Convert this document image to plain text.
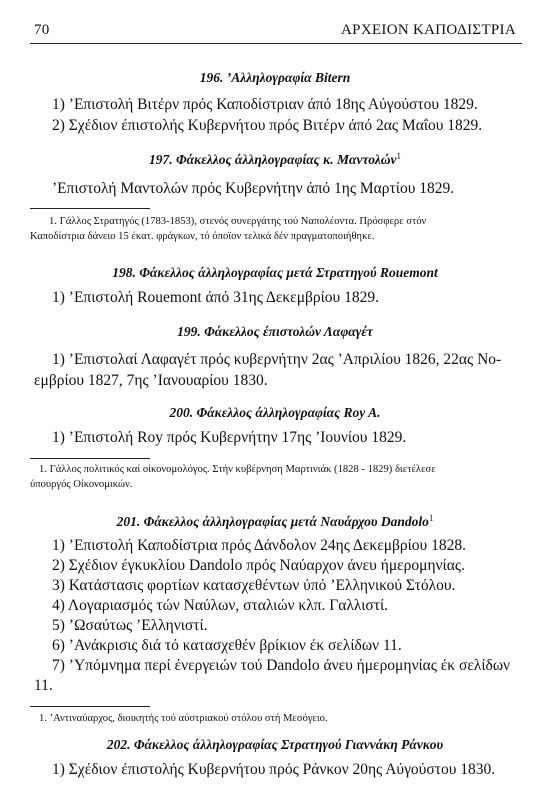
70	ΑΡΧΕΙΟΝ ΚΑΠΟΔΙΣΤΡΙΑ
196. ’Αλληλογραφία Bitern
1) ’Επιστολή Βιτέρν πρός Καποδίστριαν άπό 18ης Αύγούστου 1829.
2) Σχέδιον έπιστολής Κυβερνήτου πρός Βιτέρν άπό 2ας Μαΐου 1829.
197. Φάκελλος άλληλογραφίας κ. Μαντολών$^1$
’Επιστολή Μαντολών πρός Κυβερνήτην άπό 1ης Μαρτίου 1829.
1. Γάλλος Στρατηγός (1783-1853), στενός συνεργάτης τού Ναπολέοντα. Πρόσφερε στόν
Καποδίστρια δάνειο 15 έκατ. φράγκων, τό όποϊον τελικά δέν πραγματοποιήθηκε.
198. Φάκελλος άλληλογραφίας μετά Στρατηγού Rouemont
1) ’Επιστολή Rouemont άπό 31ης Δεκεμβρίου 1829.
199. Φάκελλος έπιστολών Λαφαγέτ
1) ’Επιστολαί Λαφαγέτ πρός κυβερνήτην 2ας ’Απριλίου 1826, 22ας Νο-
εμβρίου 1827, 7ης ’Ιανουαρίου 1830.
200. Φάκελλος άλληλογραφίας Roy A.
1) ’Επιστολή Roy πρός Κυβερνήτην 17ης ’Ιουνίου 1829.
1. Γάλλος πολιτικός καί οίκονομολόγος. Στήν κυβέρνηση Μαρτινιάκ (1828 - 1829) διετέλεσε
ύπουργός Οίκονομικών.
201. Φάκελλος άλληλογραφίας μετά Ναυάρχου Dandolo$^1$
1) ’Επιστολή Καποδίστρια πρός Δάνδολον 24ης Δεκεμβρίου 1828.
2) Σχέδιον έγκυκλίου Dandolo πρός Ναύαρχον άνευ ήμερομηνίας.
3) Κατάστασις φορτίων κατασχεθέντων ύπό ’Ελληνικού Στόλου.
4) Λογαριασμός τών Ναύλων, σταλιών κλπ. Γαλλιστί.
5) ’Ωσαύτως ’Ελληνιστί.
6) ’Ανάκρισις διά τό κατασχεθέν βρίκιον έκ σελίδων 11.
7) ’Υπόμνημα περί ένεργειών τού Dandolo άνευ ήμερομηνίας έκ σελίδων
11.
1. ’Αντιναύαρχος, διοικητής τού αύστριακού στόλου στή Μεσόγειο.
202. Φάκελλος άλληλογραφίας Στρατηγού Γιαννάκη Ράνκου
1) Σχέδιον έπιστολής Κυβερνήτου πρός Ράνκον 20ης Αύγούστου 1830.
